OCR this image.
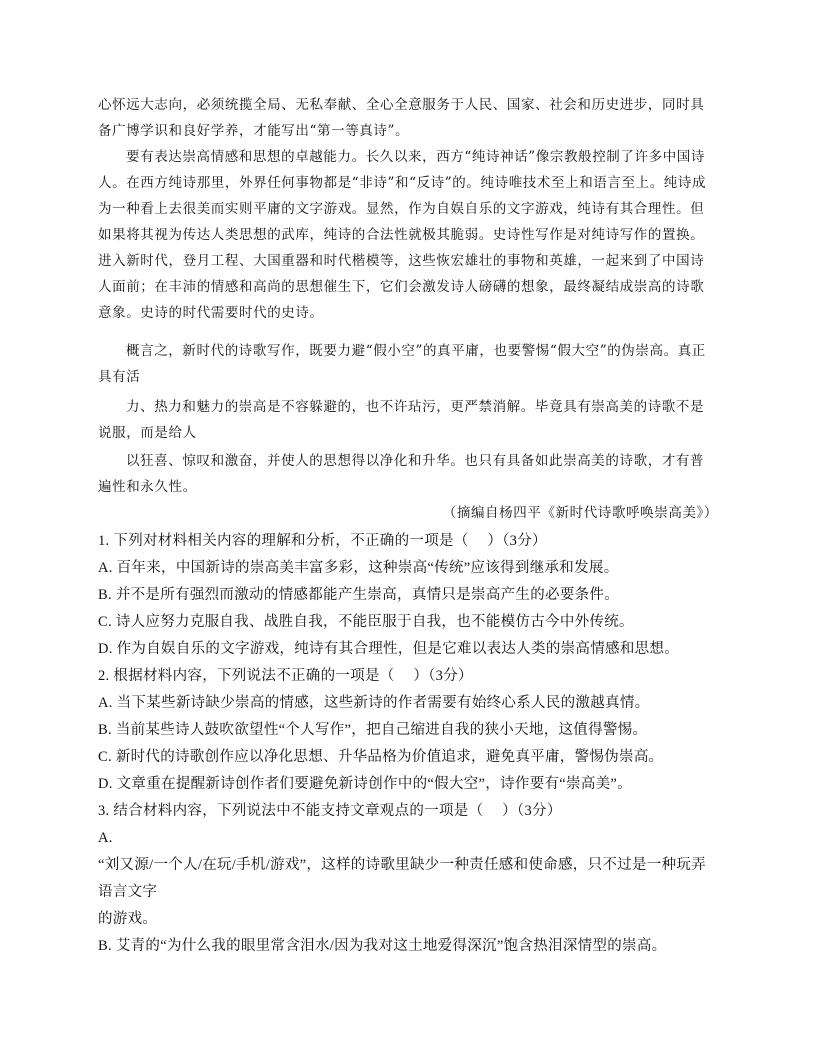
心怀远大志向，必须统揽全局、无私奉献、全心全意服务于人民、国家、社会和历史进步，同时具备广博学识和良好学养，才能写出“第一等真诗”。

要有表达崇高情感和思想的卓越能力。长久以来，西方“纯诗神话”像宗教般控制了许多中国诗人。在西方纯诗那里，外界任何事物都是“非诗”和“反诗”的。纯诗唯技术至上和语言至上。纯诗成为一种看上去很美而实则平庸的文字游戏。显然，作为自娱自乐的文字游戏，纯诗有其合理性。但如果将其视为传达人类思想的武库，纯诗的合法性就极其脆弱。史诗性写作是对纯诗写作的置换。进入新时代，登月工程、大国重器和时代楷模等，这些恢宏雄壮的事物和英雄，一起来到了中国诗人面前；在丰沛的情感和高尚的思想催生下，它们会激发诗人磅礴的想象，最终凝结成崇高的诗歌意象。史诗的时代需要时代的史诗。

概言之，新时代的诗歌写作，既要力避“假小空”的真平庸，也要警惕“假大空”的伪崇高。真正具有活

力、热力和魅力的崇高是不容躲避的，也不许玷污，更严禁消解。毕竟具有崇高美的诗歌不是说服，而是给人

以狂喜、惊叹和激奋，并使人的思想得以净化和升华。也只有具备如此崇高美的诗歌，才有普遍性和永久性。

（摘编自杨四平《新时代诗歌呼唤崇高美》）

1. 下列对材料相关内容的理解和分析，不正确的一项是（　 ）（3分）

A. 百年来，中国新诗的崇高美丰富多彩，这种崇高“传统”应该得到继承和发展。

B. 并不是所有强烈而激动的情感都能产生崇高，真情只是崇高产生的必要条件。

C. 诗人应努力克服自我、战胜自我，不能臣服于自我，也不能模仿古今中外传统。

D. 作为自娱自乐的文字游戏，纯诗有其合理性，但是它难以表达人类的崇高情感和思想。

2. 根据材料内容，下列说法不正确的一项是（　 ）（3分）

A. 当下某些新诗缺少崇高的情感，这些新诗的作者需要有始终心系人民的激越真情。

B. 当前某些诗人鼓吹欲望性“个人写作”，把自己缩进自我的狭小天地，这值得警惕。

C. 新时代的诗歌创作应以净化思想、升华品格为价值追求，避免真平庸，警惕伪崇高。

D. 文章重在提醒新诗创作者们要避免新诗创作中的“假大空”，诗作要有“崇高美”。

3. 结合材料内容，下列说法中不能支持文章观点的一项是（　 ）（3分）

A.

“刘又源/一个人/在玩/手机/游戏”，这样的诗歌里缺少一种责任感和使命感，只不过是一种玩弄语言文字

的游戏。

B. 艾青的“为什么我的眼里常含泪水/因为我对这土地爱得深沉”饱含热泪深情型的崇高。
